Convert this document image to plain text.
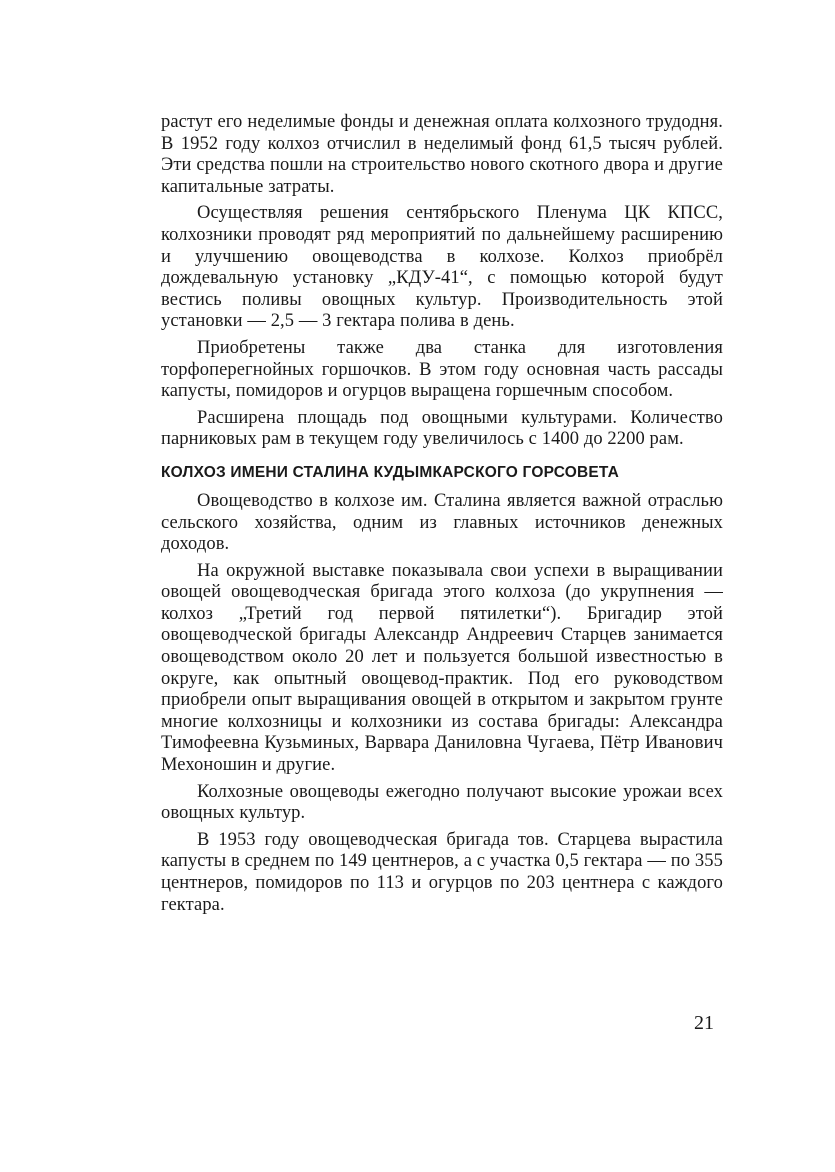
растут его неделимые фонды и денежная оплата колхозного трудодня. В 1952 году колхоз отчислил в неделимый фонд 61,5 тысяч рублей. Эти средства пошли на строительство нового скотного двора и другие капитальные затраты.

Осуществляя решения сентябрьского Пленума ЦК КПСС, колхозники проводят ряд мероприятий по дальнейшему расширению и улучшению овощеводства в колхозе. Колхоз приобрёл дождевальную установку „КДУ-41“, с помощью которой будут вестись поливы овощных культур. Производительность этой установки — 2,5 — 3 гектара полива в день.

Приобретены также два станка для изготовления торфоперегнойных горшочков. В этом году основная часть рассады капусты, помидоров и огурцов выращена горшечным способом.

Расширена площадь под овощными культурами. Количество парниковых рам в текущем году увеличилось с 1400 до 2200 рам.

КОЛХОЗ ИМЕНИ СТАЛИНА КУДЫМКАРСКОГО ГОРСОВЕТА

Овощеводство в колхозе им. Сталина является важной отраслью сельского хозяйства, одним из главных источников денежных доходов.

На окружной выставке показывала свои успехи в выращивании овощей овощеводческая бригада этого колхоза (до укрупнения — колхоз „Третий год первой пятилетки“). Бригадир этой овощеводческой бригады Александр Андреевич Старцев занимается овощеводством около 20 лет и пользуется большой известностью в округе, как опытный овощевод-практик. Под его руководством приобрели опыт выращивания овощей в открытом и закрытом грунте многие колхозницы и колхозники из состава бригады: Александра Тимофеевна Кузьминых, Варвара Даниловна Чугаева, Пётр Иванович Мехоношин и другие.

Колхозные овощеводы ежегодно получают высокие урожаи всех овощных культур.

В 1953 году овощеводческая бригада тов. Старцева вырастила капусты в среднем по 149 центнеров, а с участка 0,5 гектара — по 355 центнеров, помидоров по 113 и огурцов по 203 центнера с каждого гектара.

21
